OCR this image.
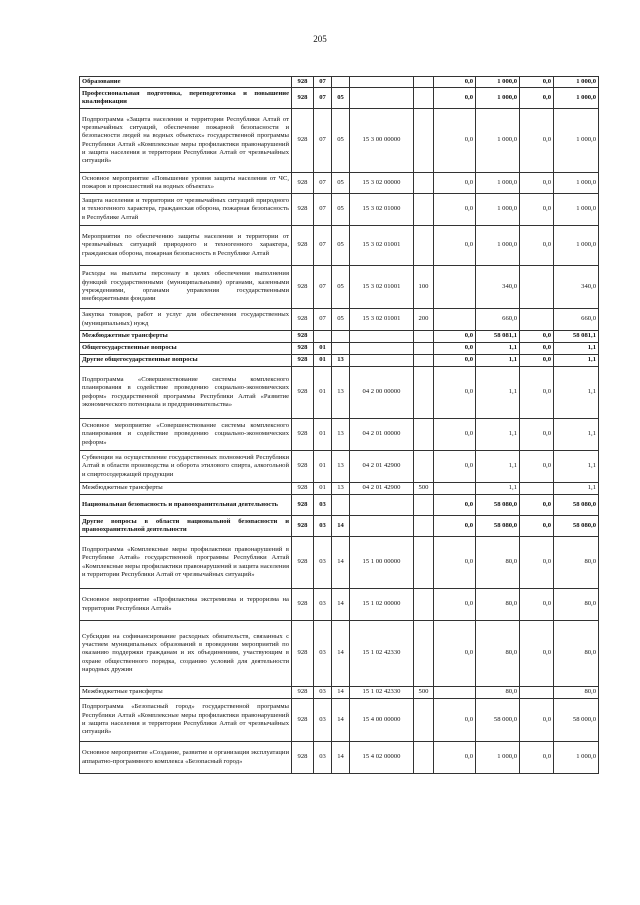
205
Образование	928	07				0,0	1 000,0	0,0	1 000,0
Профессиональная подготовка, переподготовка и повышение квалификации	928	07	05			0,0	1 000,0	0,0	1 000,0
Подпрограмма «Защита населения и территории Республики Алтай от чрезвычайных ситуаций, обеспечение пожарной безопасности и безопасности людей на водных объектах» государственной программы Республики Алтай «Комплексные меры профилактики правонарушений и защита населения и территории Республики Алтай от чрезвычайных ситуаций»	928	07	05	15 3 00 00000		0,0	1 000,0	0,0	1 000,0
Основное мероприятие «Повышение уровня защиты населения от ЧС, пожаров и происшествий на водных объектах»	928	07	05	15 3 02 00000		0,0	1 000,0	0,0	1 000,0
Защита населения и территории от чрезвычайных ситуаций природного и техногенного характера, гражданская оборона, пожарная безопасность в Республике Алтай	928	07	05	15 3 02 01000		0,0	1 000,0	0,0	1 000,0
Мероприятия по обеспечению защиты населения и территории от чрезвычайных ситуаций природного и техногенного характера, гражданская оборона, пожарная безопасность в Республике Алтай	928	07	05	15 3 02 01001		0,0	1 000,0	0,0	1 000,0
Расходы на выплаты персоналу в целях обеспечения выполнения функций государственными (муниципальными) органами, казенными учреждениями, органами управления государственными внебюджетными фондами	928	07	05	15 3 02 01001	100		340,0		340,0
Закупка товаров, работ и услуг для обеспечения государственных (муниципальных) нужд	928	07	05	15 3 02 01001	200		660,0		660,0
Межбюджетные трансферты	928					0,0	58 081,1	0,0	58 081,1
Общегосударственные вопросы	928	01				0,0	1,1	0,0	1,1
Другие общегосударственные вопросы	928	01	13			0,0	1,1	0,0	1,1
Подпрограмма «Совершенствование системы комплексного планирования в содействие проведению социально-экономических реформ» государственной программы Республики Алтай «Развитие экономического потенциала и предпринимательства»	928	01	13	04 2 00 00000		0,0	1,1	0,0	1,1
Основное мероприятие «Совершенствование системы комплексного планирования и содействие проведению социально-экономических реформ»	928	01	13	04 2 01 00000		0,0	1,1	0,0	1,1
Субвенции на осуществление государственных полномочий Республики Алтай в области производства и оборота этилового спирта, алкогольной и спиртосодержащей продукции	928	01	13	04 2 01 42900		0,0	1,1	0,0	1,1
Межбюджетные трансферты	928	01	13	04 2 01 42900	500		1,1		1,1
Национальная безопасность и правоохранительная деятельность	928	03				0,0	58 080,0	0,0	58 080,0
Другие вопросы в области национальной безопасности и правоохранительной деятельности	928	03	14			0,0	58 080,0	0,0	58 080,0
Подпрограмма «Комплексные меры профилактики правонарушений в Республике Алтай» государственной программы Республики Алтай «Комплексные меры профилактики правонарушений и защита населения и территории Республики Алтай от чрезвычайных ситуаций»	928	03	14	15 1 00 00000		0,0	80,0	0,0	80,0
Основное мероприятие «Профилактика экстремизма и терроризма на территории Республики Алтай»	928	03	14	15 1 02 00000		0,0	80,0	0,0	80,0
Субсидии на софинансирование расходных обязательств, связанных с участием муниципальных образований в проведении мероприятий по оказанию поддержки гражданам и их объединениям, участвующим в охране общественного порядка, созданию условий для деятельности народных дружин	928	03	14	15 1 02 42330		0,0	80,0	0,0	80,0
Межбюджетные трансферты	928	03	14	15 1 02 42330	500		80,0		80,0
Подпрограмма «Безопасный город» государственной программы Республики Алтай «Комплексные меры профилактики правонарушений и защита населения и территории Республики Алтай от чрезвычайных ситуаций»	928	03	14	15 4 00 00000		0,0	58 000,0	0,0	58 000,0
Основное мероприятие «Создание, развитие и организация эксплуатации аппаратно-программного комплекса «Безопасный город»	928	03	14	15 4 02 00000		0,0	1 000,0	0,0	1 000,0
